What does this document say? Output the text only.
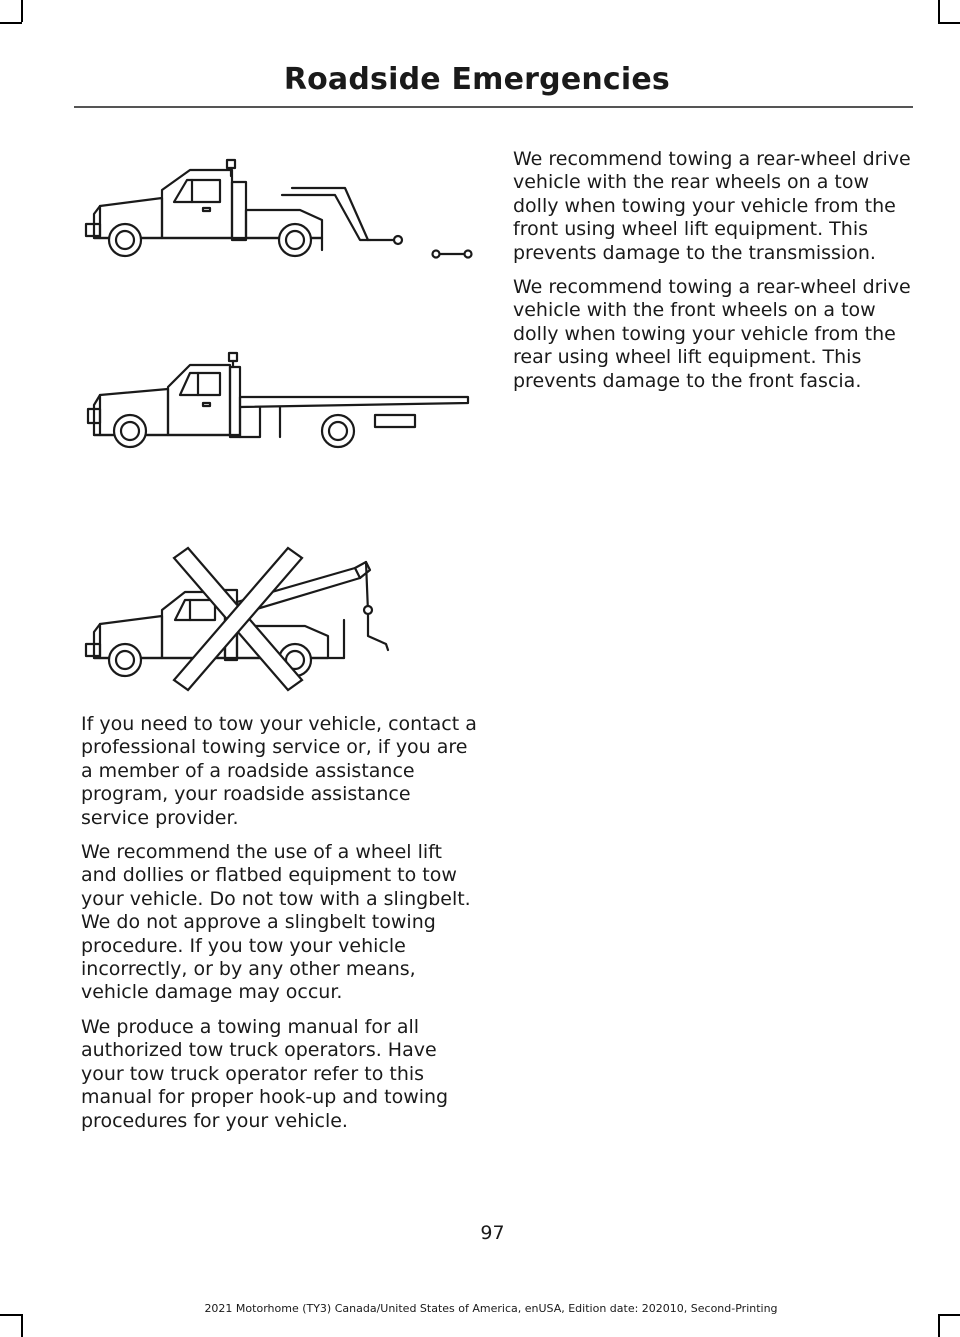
Roadside Emergencies

If you need to tow your vehicle, contact a professional towing service or, if you are a member of a roadside assistance program, your roadside assistance service provider.

We recommend the use of a wheel lift and dollies or flatbed equipment to tow your vehicle. Do not tow with a slingbelt. We do not approve a slingbelt towing procedure. If you tow your vehicle incorrectly, or by any other means, vehicle damage may occur.

We produce a towing manual for all authorized tow truck operators. Have your tow truck operator refer to this manual for proper hook-up and towing procedures for your vehicle.

We recommend towing a rear-wheel drive vehicle with the rear wheels on a tow dolly when towing your vehicle from the front using wheel lift equipment. This prevents damage to the transmission.

We recommend towing a rear-wheel drive vehicle with the front wheels on a tow dolly when towing your vehicle from the rear using wheel lift equipment. This prevents damage to the front fascia.

97
2021 Motorhome (TY3) Canada/United States of America, enUSA, Edition date: 202010, Second-Printing
